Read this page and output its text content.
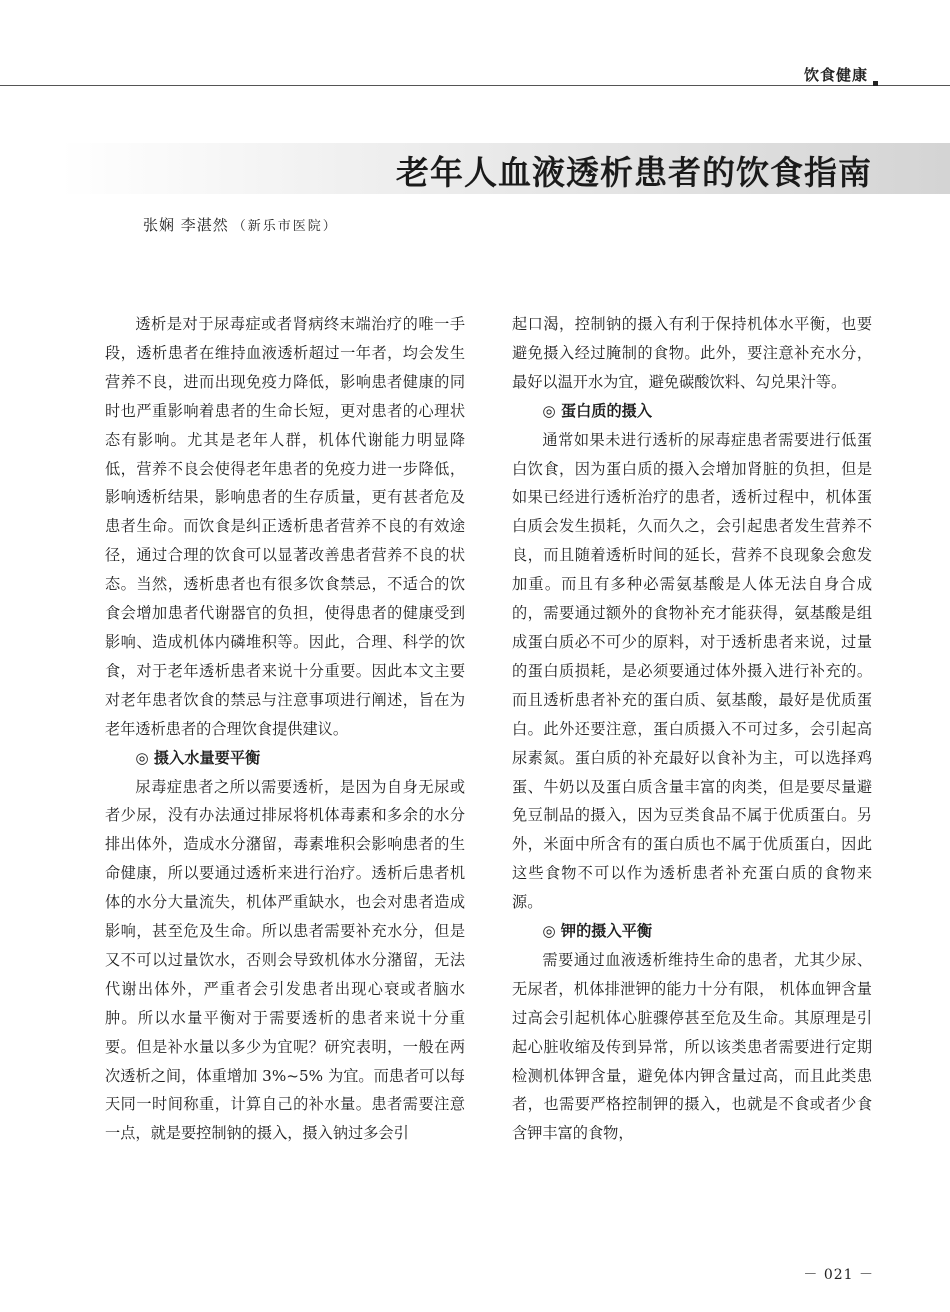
饮食健康
老年人血液透析患者的饮食指南
张娴 李湛然 （新乐市医院）

透析是对于尿毒症或者肾病终末端治疗的唯一手段，透析患者在维持血液透析超过一年者，均会发生营养不良，进而出现免疫力降低，影响患者健康的同时也严重影响着患者的生命长短，更对患者的心理状态有影响。尤其是老年人群，机体代谢能力明显降低，营养不良会使得老年患者的免疫力进一步降低，影响透析结果，影响患者的生存质量，更有甚者危及患者生命。而饮食是纠正透析患者营养不良的有效途径，通过合理的饮食可以显著改善患者营养不良的状态。当然，透析患者也有很多饮食禁忌，不适合的饮食会增加患者代谢器官的负担，使得患者的健康受到影响、造成机体内磷堆积等。因此，合理、科学的饮食，对于老年透析患者来说十分重要。因此本文主要对老年患者饮食的禁忌与注意事项进行阐述，旨在为老年透析患者的合理饮食提供建议。

◎ 摄入水量要平衡

尿毒症患者之所以需要透析，是因为自身无尿或者少尿，没有办法通过排尿将机体毒素和多余的水分排出体外，造成水分潴留，毒素堆积会影响患者的生命健康，所以要通过透析来进行治疗。透析后患者机体的水分大量流失，机体严重缺水，也会对患者造成影响，甚至危及生命。所以患者需要补充水分，但是又不可以过量饮水，否则会导致机体水分潴留，无法代谢出体外，严重者会引发患者出现心衰或者脑水肿。所以水量平衡对于需要透析的患者来说十分重要。但是补水量以多少为宜呢？研究表明，一般在两次透析之间，体重增加 3%~5% 为宜。而患者可以每天同一时间称重，计算自己的补水量。患者需要注意一点，就是要控制钠的摄入，摄入钠过多会引

起口渴，控制钠的摄入有利于保持机体水平衡，也要避免摄入经过腌制的食物。此外，要注意补充水分，最好以温开水为宜，避免碳酸饮料、勾兑果汁等。

◎ 蛋白质的摄入

通常如果未进行透析的尿毒症患者需要进行低蛋白饮食，因为蛋白质的摄入会增加肾脏的负担，但是如果已经进行透析治疗的患者，透析过程中，机体蛋白质会发生损耗，久而久之，会引起患者发生营养不良，而且随着透析时间的延长，营养不良现象会愈发加重。而且有多种必需氨基酸是人体无法自身合成的，需要通过额外的食物补充才能获得，氨基酸是组成蛋白质必不可少的原料，对于透析患者来说，过量的蛋白质损耗，是必须要通过体外摄入进行补充的。而且透析患者补充的蛋白质、氨基酸，最好是优质蛋白。此外还要注意，蛋白质摄入不可过多，会引起高尿素氮。蛋白质的补充最好以食补为主，可以选择鸡蛋、牛奶以及蛋白质含量丰富的肉类，但是要尽量避免豆制品的摄入，因为豆类食品不属于优质蛋白。另外，米面中所含有的蛋白质也不属于优质蛋白，因此这些食物不可以作为透析患者补充蛋白质的食物来源。

◎ 钾的摄入平衡

需要通过血液透析维持生命的患者，尤其少尿、无尿者，机体排泄钾的能力十分有限， 机体血钾含量过高会引起机体心脏骤停甚至危及生命。其原理是引起心脏收缩及传到异常，所以该类患者需要进行定期检测机体钾含量，避免体内钾含量过高，而且此类患者，也需要严格控制钾的摄入，也就是不食或者少食含钾丰富的食物，

－ 021 －
